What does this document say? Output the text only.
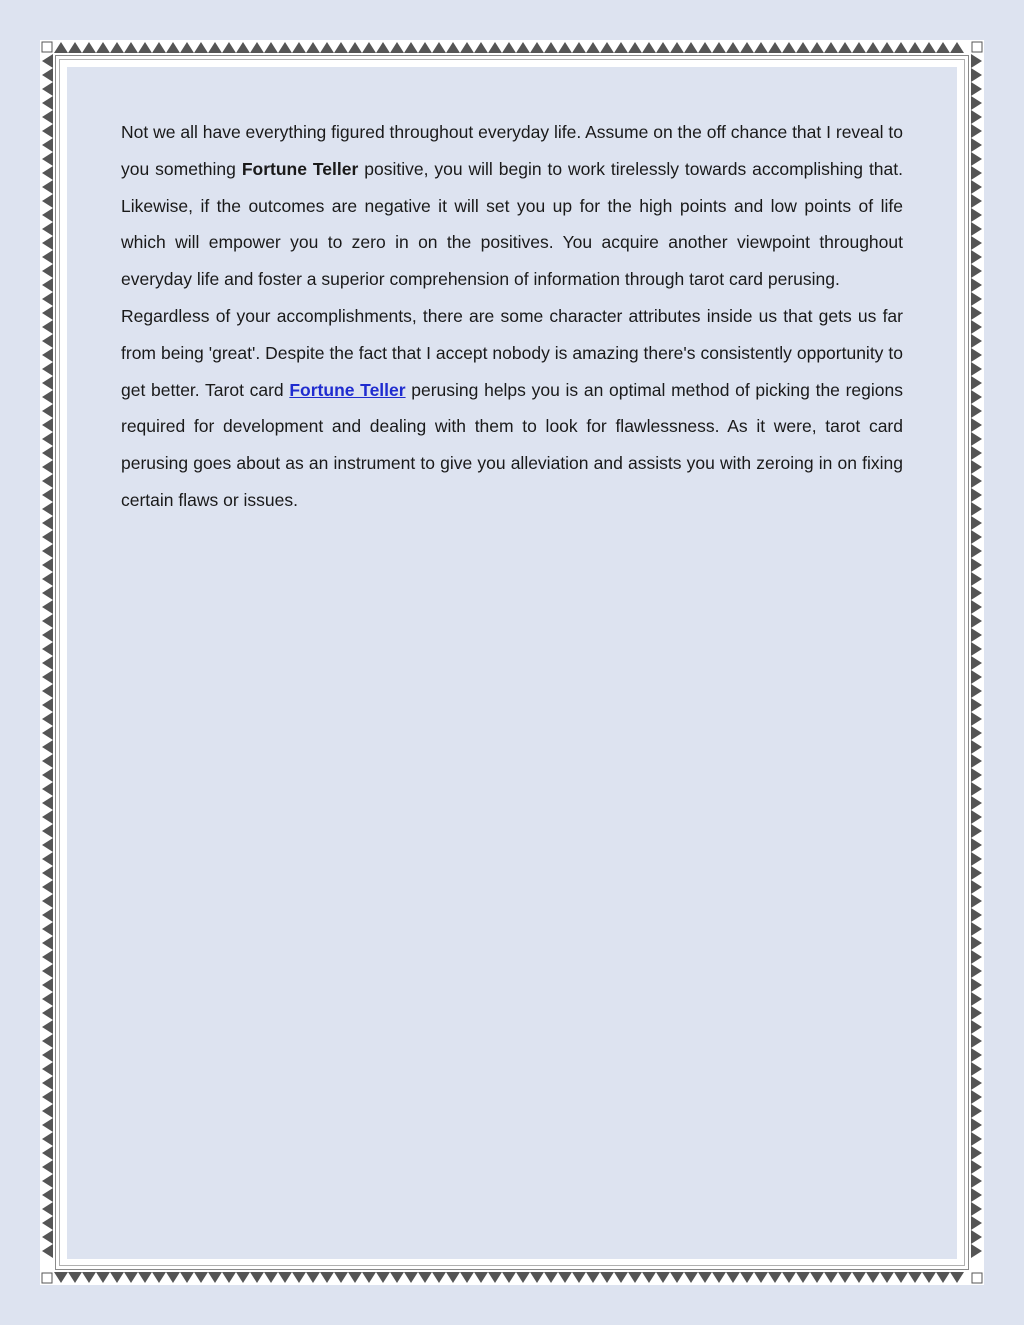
Not we all have everything figured throughout everyday life. Assume on the off chance that I reveal to you something Fortune Teller positive, you will begin to work tirelessly towards accomplishing that. Likewise, if the outcomes are negative it will set you up for the high points and low points of life which will empower you to zero in on the positives. You acquire another viewpoint throughout everyday life and foster a superior comprehension of information through tarot card perusing.

Regardless of your accomplishments, there are some character attributes inside us that gets us far from being 'great'. Despite the fact that I accept nobody is amazing there's consistently opportunity to get better. Tarot card Fortune Teller perusing helps you is an optimal method of picking the regions required for development and dealing with them to look for flawlessness. As it were, tarot card perusing goes about as an instrument to give you alleviation and assists you with zeroing in on fixing certain flaws or issues.
